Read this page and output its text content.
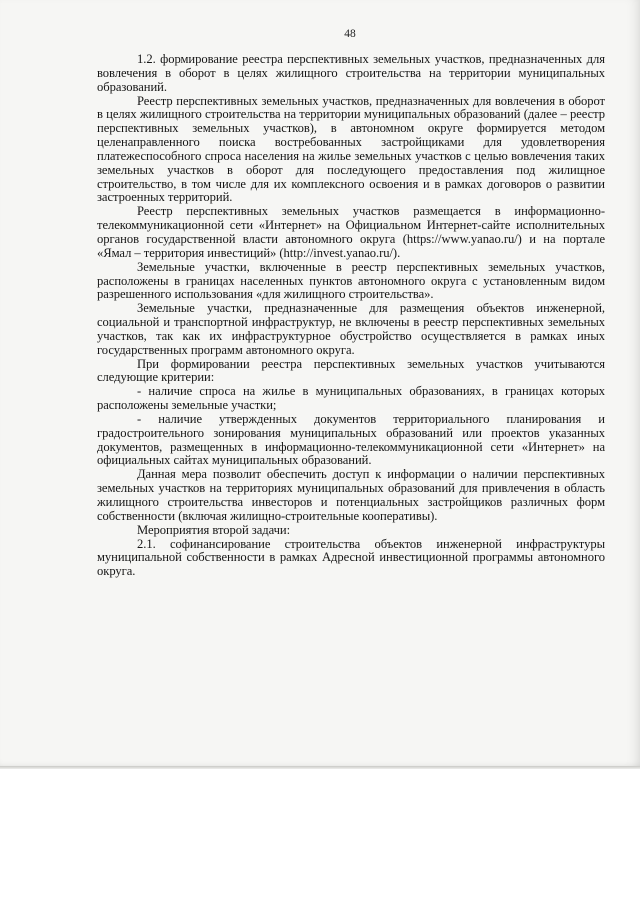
48

1.2. формирование реестра перспективных земельных участков, предназначенных для вовлечения в оборот в целях жилищного строительства на территории муниципальных образований.

Реестр перспективных земельных участков, предназначенных для вовлечения в оборот в целях жилищного строительства на территории муниципальных образований (далее – реестр перспективных земельных участков), в автономном округе формируется методом целенаправленного поиска востребованных застройщиками для удовлетворения платежеспособного спроса населения на жилье земельных участков с целью вовлечения таких земельных участков в оборот для последующего предоставления под жилищное строительство, в том числе для их комплексного освоения и в рамках договоров о развитии застроенных территорий.

Реестр перспективных земельных участков размещается в информационно-телекоммуникационной сети «Интернет» на Официальном Интернет-сайте исполнительных органов государственной власти автономного округа (https://www.yanao.ru/) и на портале «Ямал – территория инвестиций» (http://invest.yanao.ru/).

Земельные участки, включенные в реестр перспективных земельных участков, расположены в границах населенных пунктов автономного округа с установленным видом разрешенного использования «для жилищного строительства».

Земельные участки, предназначенные для размещения объектов инженерной, социальной и транспортной инфраструктур, не включены в реестр перспективных земельных участков, так как их инфраструктурное обустройство осуществляется в рамках иных государственных программ автономного округа.

При формировании реестра перспективных земельных участков учитываются следующие критерии:

- наличие спроса на жилье в муниципальных образованиях, в границах которых расположены земельные участки;

- наличие утвержденных документов территориального планирования и градостроительного зонирования муниципальных образований или проектов указанных документов, размещенных в информационно-телекоммуникационной сети «Интернет» на официальных сайтах муниципальных образований.

Данная мера позволит обеспечить доступ к информации о наличии перспективных земельных участков на территориях муниципальных образований для привлечения в область жилищного строительства инвесторов и потенциальных застройщиков различных форм собственности (включая жилищно-строительные кооперативы).

Мероприятия второй задачи:

2.1. софинансирование строительства объектов инженерной инфраструктуры муниципальной собственности в рамках Адресной инвестиционной программы автономного округа.
